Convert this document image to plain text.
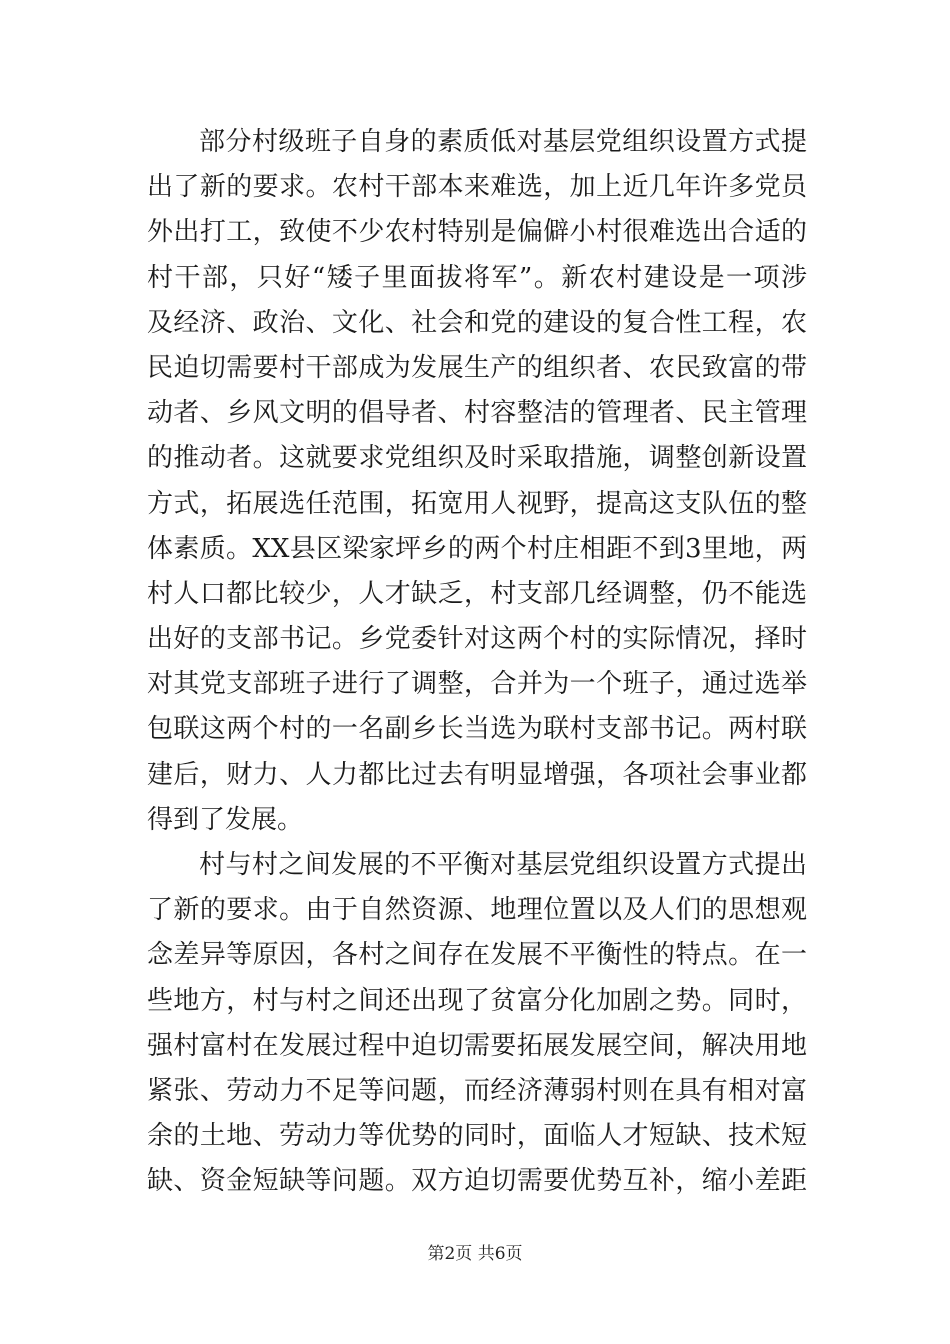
部分村级班子自身的素质低对基层党组织设置方式提
出了新的要求。农村干部本来难选，加上近几年许多党员
外出打工，致使不少农村特别是偏僻小村很难选出合适的
村干部，只好“矮子里面拔将军”。新农村建设是一项涉
及经济、政治、文化、社会和党的建设的复合性工程，农
民迫切需要村干部成为发展生产的组织者、农民致富的带
动者、乡风文明的倡导者、村容整洁的管理者、民主管理
的推动者。这就要求党组织及时采取措施，调整创新设置
方式，拓展选任范围，拓宽用人视野，提高这支队伍的整
体素质。XX县区梁家坪乡的两个村庄相距不到3里地，两
村人口都比较少，人才缺乏，村支部几经调整，仍不能选
出好的支部书记。乡党委针对这两个村的实际情况，择时
对其党支部班子进行了调整，合并为一个班子，通过选举
包联这两个村的一名副乡长当选为联村支部书记。两村联
建后，财力、人力都比过去有明显增强，各项社会事业都
得到了发展。
村与村之间发展的不平衡对基层党组织设置方式提出
了新的要求。由于自然资源、地理位置以及人们的思想观
念差异等原因，各村之间存在发展不平衡性的特点。在一
些地方，村与村之间还出现了贫富分化加剧之势。同时，
强村富村在发展过程中迫切需要拓展发展空间，解决用地
紧张、劳动力不足等问题，而经济薄弱村则在具有相对富
余的土地、劳动力等优势的同时，面临人才短缺、技术短
缺、资金短缺等问题。双方迫切需要优势互补，缩小差距
第2页 共6页
